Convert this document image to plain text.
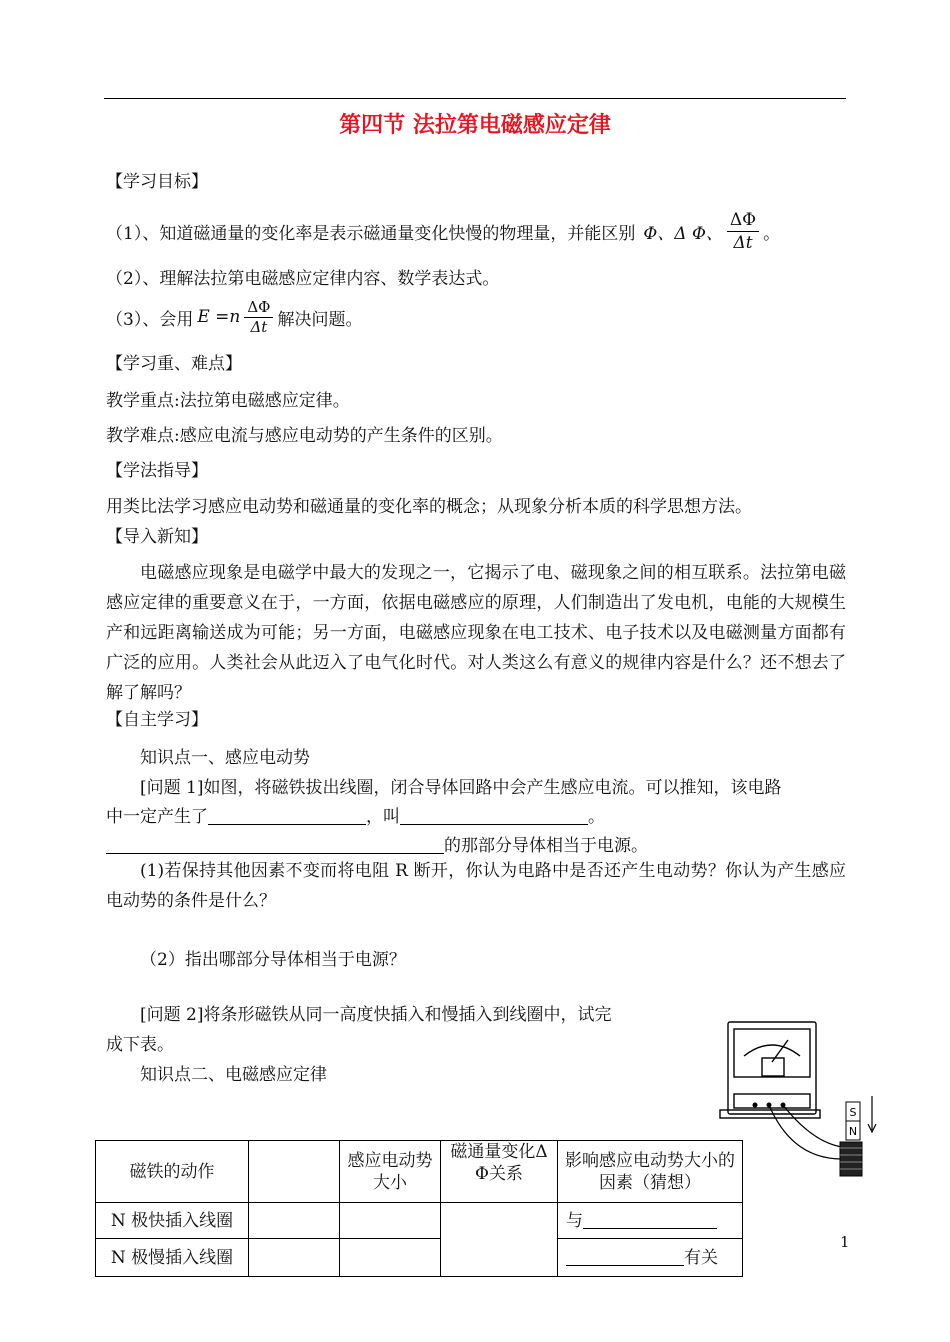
第四节 法拉第电磁感应定律
【学习目标】
（1）、知道磁通量的变化率是表示磁通量变化快慢的物理量，并能区别 Φ、Δ Φ、 $\frac{\Delta\Phi}{\Delta t}$ 。
（2）、理解法拉第电磁感应定律内容、数学表达式。
（3）、会用 $E =n \frac{\Delta\Phi}{\Delta t}$ 解决问题。
【学习重、难点】
教学重点:法拉第电磁感应定律。
教学难点:感应电流与感应电动势的产生条件的区别。
【学法指导】
用类比法学习感应电动势和磁通量的变化率的概念；从现象分析本质的科学思想方法。
【导入新知】
电磁感应现象是电磁学中最大的发现之一，它揭示了电、磁现象之间的相互联系。法拉第电磁感应定律的重要意义在于，一方面，依据电磁感应的原理，人们制造出了发电机，电能的大规模生产和远距离输送成为可能；另一方面，电磁感应现象在电工技术、电子技术以及电磁测量方面都有广泛的应用。人类社会从此迈入了电气化时代。对人类这么有意义的规律内容是什么？还不想去了解了解吗？
【自主学习】
知识点一、感应电动势
[问题 1]如图，将磁铁拔出线圈，闭合导体回路中会产生感应电流。可以推知，该电路
中一定产生了	，叫	。
的那部分导体相当于电源。
(1)若保持其他因素不变而将电阻 R 断开，你认为电路中是否还产生电动势？你认为产生感应电动势的条件是什么？
（2）指出哪部分导体相当于电源？
[问题 2]将条形磁铁从同一高度快插入和慢插入到线圈中，试完
成下表。
知识点二、电磁感应定律
S
N
磁铁的动作		感应电动势大小	磁通量变化Δ Φ关系	影响感应电动势大小的因素（猜想）
N 极快插入线圈				与
N 极慢插入线圈				有关
1
